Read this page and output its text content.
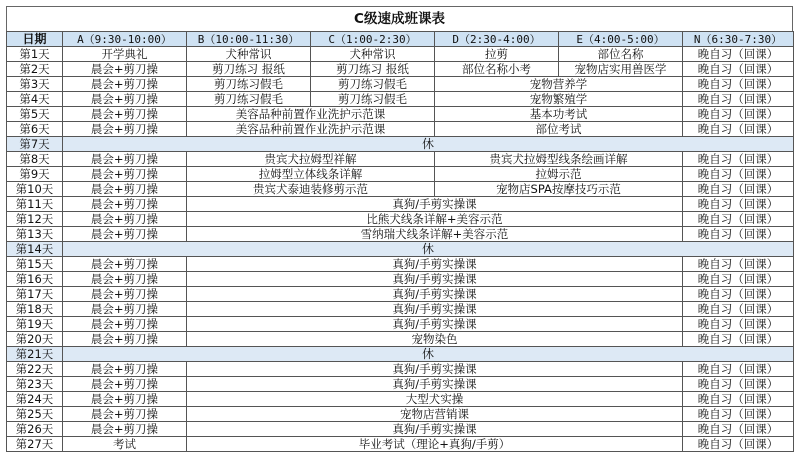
C级速成班课表
日期	A（9:30-10:00）	B（10:00-11:30）	C（1:00-2:30）	D（2:30-4:00）	E（4:00-5:00）	N（6:30-7:30）
第1天	开学典礼	犬种常识	犬种常识	拉剪	部位名称	晚自习（回课）
第2天	晨会+剪刀操	剪刀练习 报纸	剪刀练习 报纸	部位名称小考	宠物店实用兽医学	晚自习（回课）
第3天	晨会+剪刀操	剪刀练习假毛	剪刀练习假毛	宠物营养学		晚自习（回课）
第4天	晨会+剪刀操	剪刀练习假毛	剪刀练习假毛	宠物繁殖学		晚自习（回课）
第5天	晨会+剪刀操	美容品种前置作业洗护示范课		基本功考试		晚自习（回课）
第6天	晨会+剪刀操	美容品种前置作业洗护示范课		部位考试		晚自习（回课）
第7天	休					
第8天	晨会+剪刀操	贵宾犬拉姆型祥解		贵宾犬拉姆型线条绘画详解		晚自习（回课）
第9天	晨会+剪刀操	拉姆型立体线条详解		拉姆示范		晚自习（回课）
第10天	晨会+剪刀操	贵宾犬泰迪装修剪示范		宠物店SPA按摩技巧示范		晚自习（回课）
第11天	晨会+剪刀操	真狗/手剪实操课				晚自习（回课）
第12天	晨会+剪刀操	比熊犬线条详解+美容示范				晚自习（回课）
第13天	晨会+剪刀操	雪纳瑞犬线条详解+美容示范				晚自习（回课）
第14天	休					
第15天	晨会+剪刀操	真狗/手剪实操课				晚自习（回课）
第16天	晨会+剪刀操	真狗/手剪实操课				晚自习（回课）
第17天	晨会+剪刀操	真狗/手剪实操课				晚自习（回课）
第18天	晨会+剪刀操	真狗/手剪实操课				晚自习（回课）
第19天	晨会+剪刀操	真狗/手剪实操课				晚自习（回课）
第20天	晨会+剪刀操	宠物染色				晚自习（回课）
第21天	休					
第22天	晨会+剪刀操	真狗/手剪实操课				晚自习（回课）
第23天	晨会+剪刀操	真狗/手剪实操课				晚自习（回课）
第24天	晨会+剪刀操	大型犬实操				晚自习（回课）
第25天	晨会+剪刀操	宠物店营销课				晚自习（回课）
第26天	晨会+剪刀操	真狗/手剪实操课				晚自习（回课）
第27天	考试	毕业考试（理论+真狗/手剪）				晚自习（回课）
